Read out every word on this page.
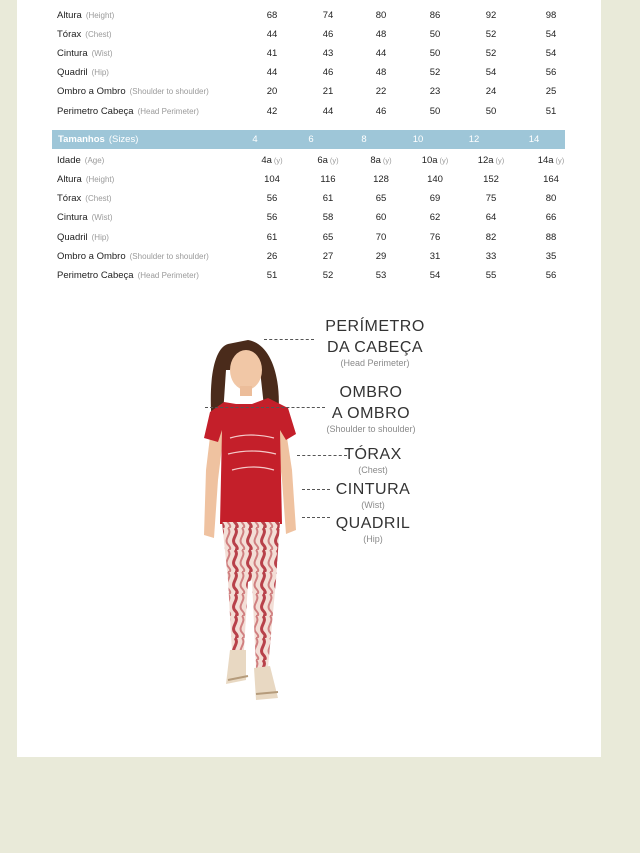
Altura (Height)	68	74	80	86	92	98
Tórax (Chest)	44	46	48	50	52	54
Cintura (Wist)	41	43	44	50	52	54
Quadril (Hip)	44	46	48	52	54	56
Ombro a Ombro (Shoulder to shoulder)	20	21	22	23	24	25
Perimetro Cabeça (Head Perimeter)	42	44	46	50	50	51
Tamanhos (Sizes)	4	6	8	10	12	14
Idade (Age)	4a (y)	6a (y)	8a (y)	10a (y)	12a (y)	14a (y)
Altura (Height)	104	116	128	140	152	164
Tórax (Chest)	56	61	65	69	75	80
Cintura (Wist)	56	58	60	62	64	66
Quadril (Hip)	61	65	70	76	82	88
Ombro a Ombro (Shoulder to shoulder)	26	27	29	31	33	35
Perimetro Cabeça (Head Perimeter)	51	52	53	54	55	56
PERÍMETRO
DA CABEÇA
(Head Perimeter)
OMBRO
A OMBRO
(Shoulder to shoulder)
TÓRAX
(Chest)
CINTURA
(Wist)
QUADRIL
(Hip)
